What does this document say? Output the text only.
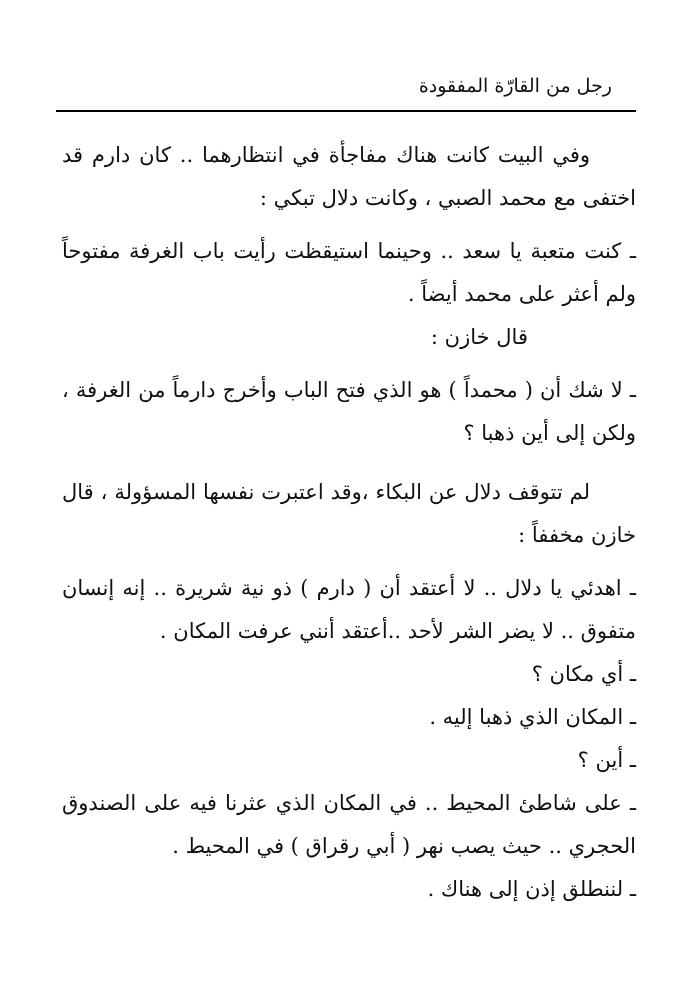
رجل من القارّة المفقودة

وفي البيت كانت هناك مفاجأة في انتظارهما .. كان دارم قد اختفى مع محمد الصبي ، وكانت دلال تبكي :

ـ كنت متعبة يا سعد .. وحينما استيقظت رأيت باب الغرفة مفتوحاً ولم أعثر على محمد أيضاً .

قال خازن :

ـ لا شك أن ( محمداً ) هو الذي فتح الباب وأخرج دارماً من الغرفة ، ولكن إلى أين ذهبا ؟

لم تتوقف دلال عن البكاء ،وقد اعتبرت نفسها المسؤولة ، قال خازن مخففاً :

ـ اهدئي يا دلال .. لا أعتقد أن ( دارم ) ذو نية شريرة .. إنه إنسان متفوق .. لا يضر الشر لأحد ..أعتقد أنني عرفت المكان .

ـ أي مكان ؟

ـ المكان الذي ذهبا إليه .

ـ أين ؟

ـ على شاطئ المحيط .. في المكان الذي عثرنا فيه على الصندوق الحجري .. حيث يصب نهر ( أبي رقراق ) في المحيط .

ـ لننطلق إذن إلى هناك .
